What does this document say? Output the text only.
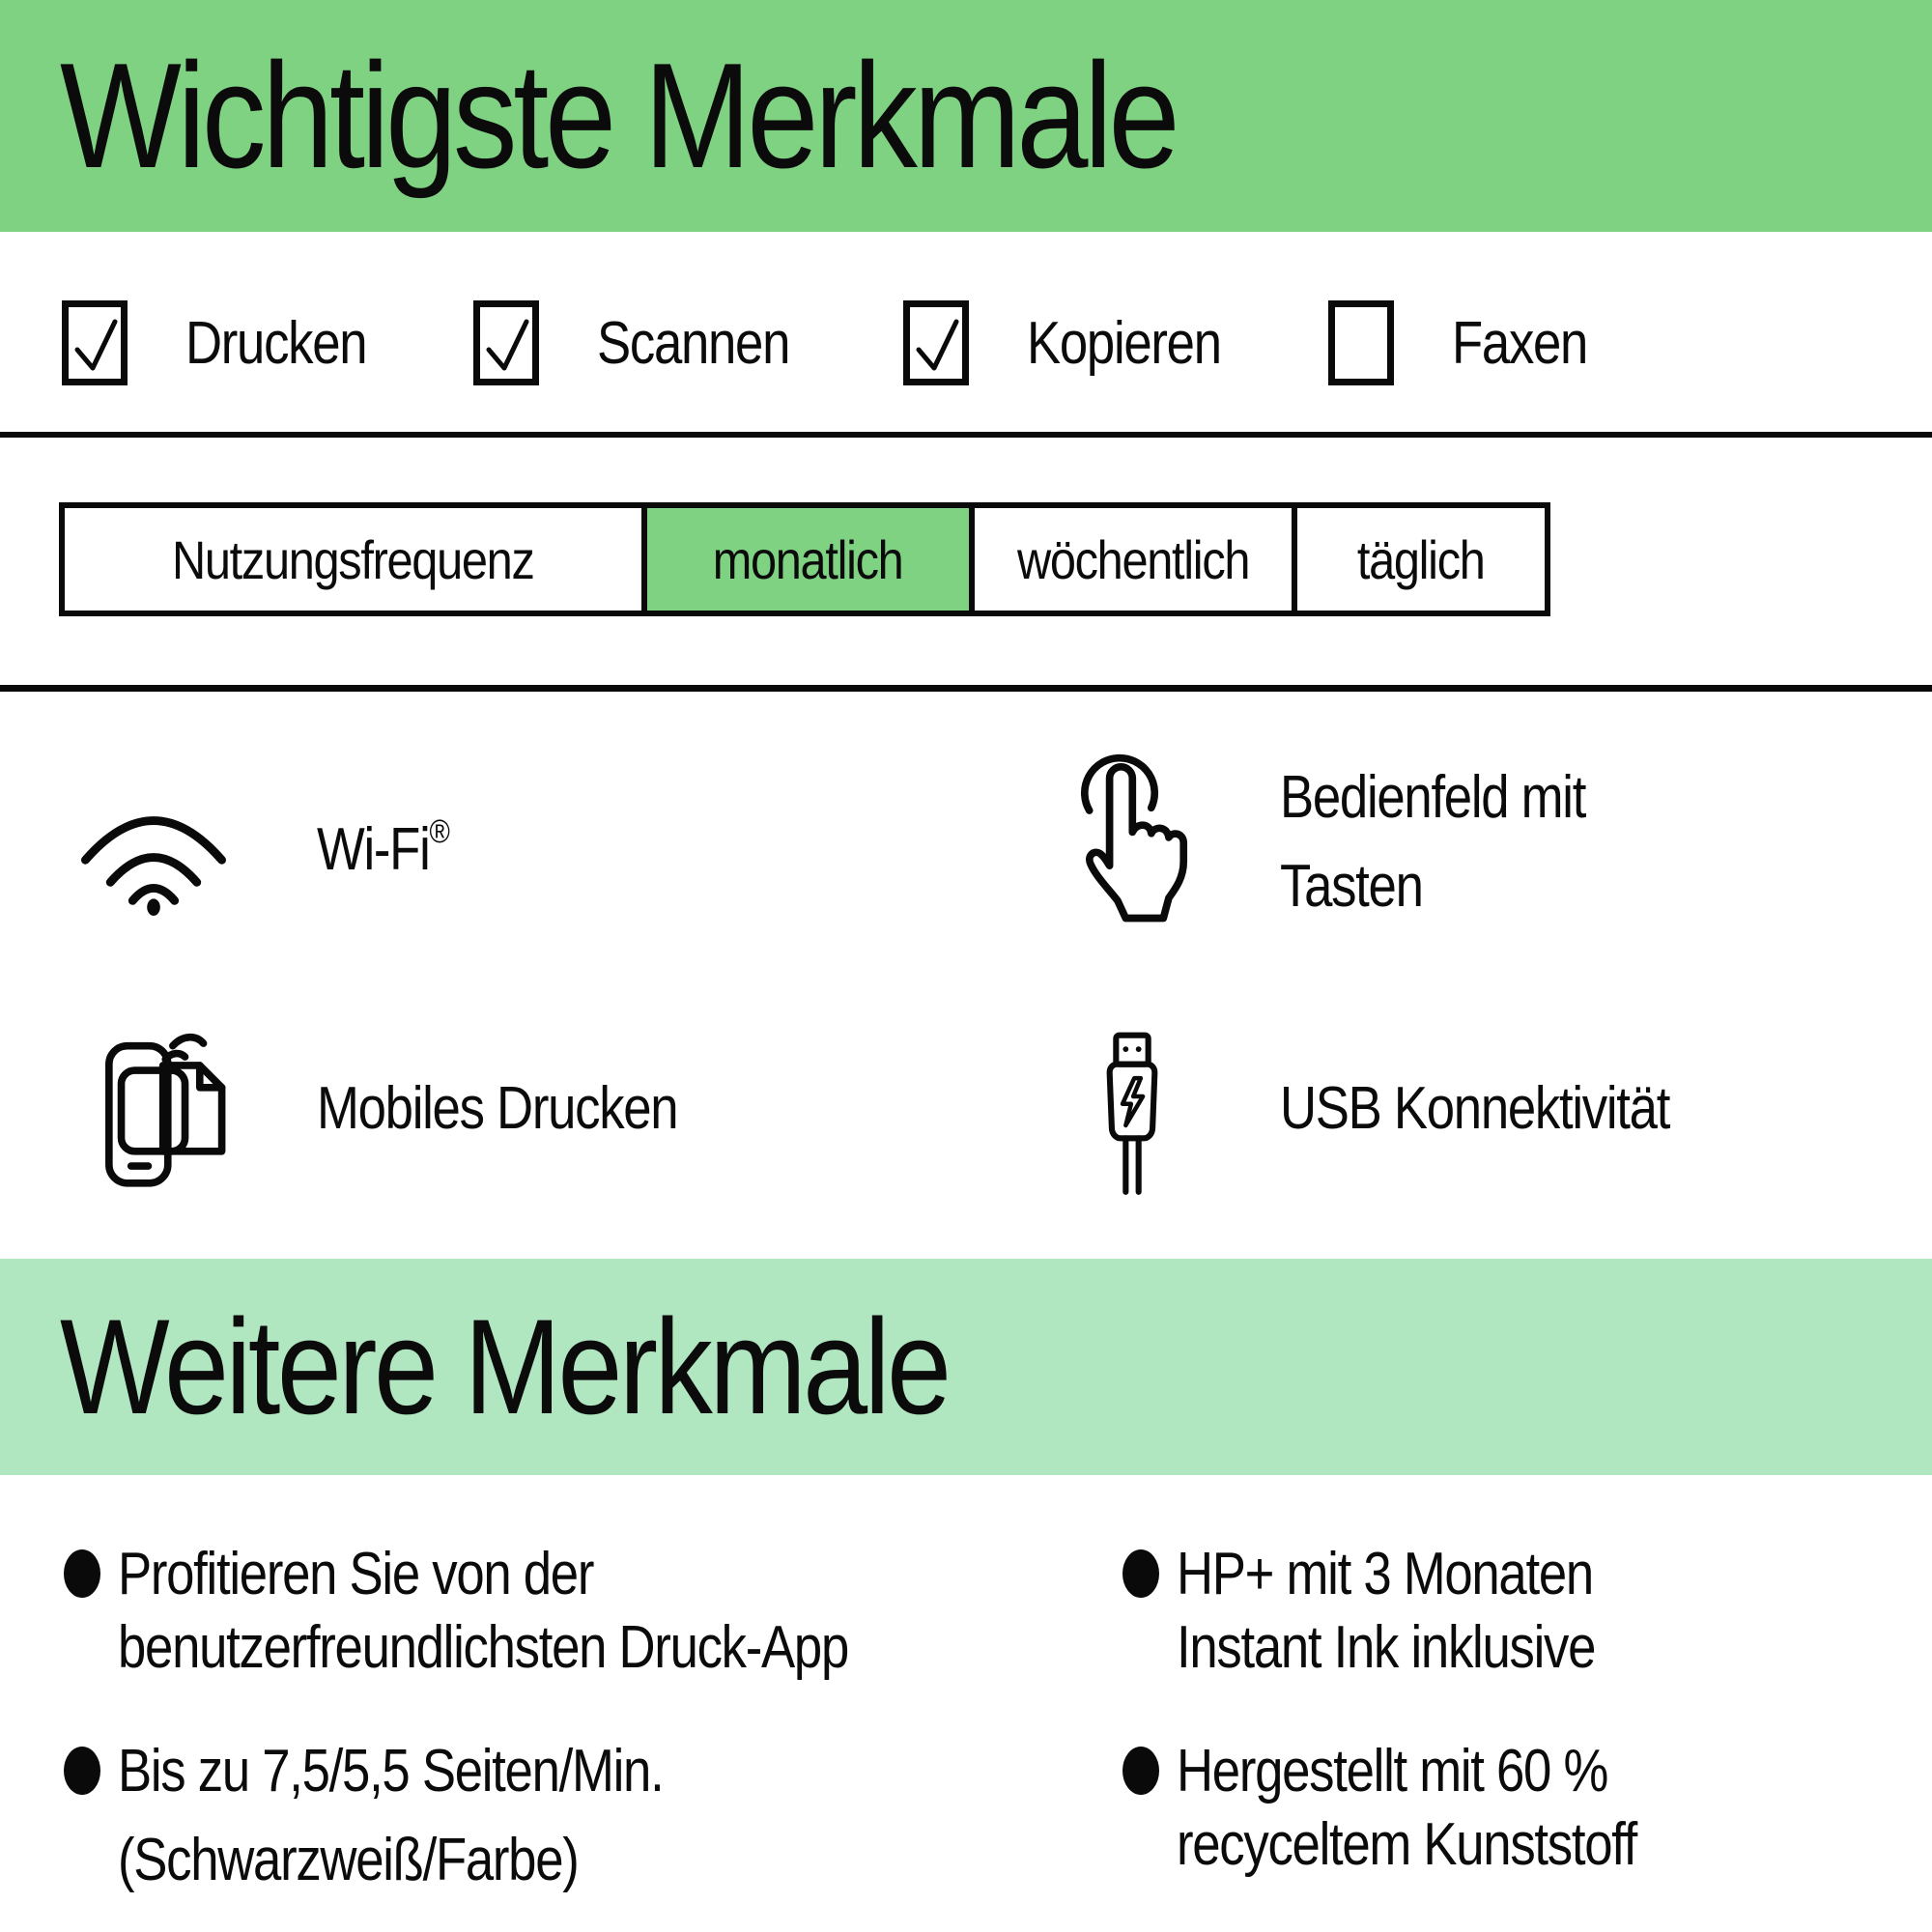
Wichtigste Merkmale
Drucken	Scannen	Kopieren	Faxen
Nutzungsfrequenz	monatlich wöchentlich täglich
Wi-Fi®
Bedienfeld mit Tasten
Mobiles Drucken	USB Konnektivität
Weitere Merkmale
Profitieren Sie von der
benutzerfreundlichsten Druck-App
Bis zu 7,5/5,5 Seiten/Min.
(Schwarzweiß/Farbe)
HP+ mit 3 Monaten
Instant Ink inklusive
Hergestellt mit 60 %
recyceltem Kunststoff
